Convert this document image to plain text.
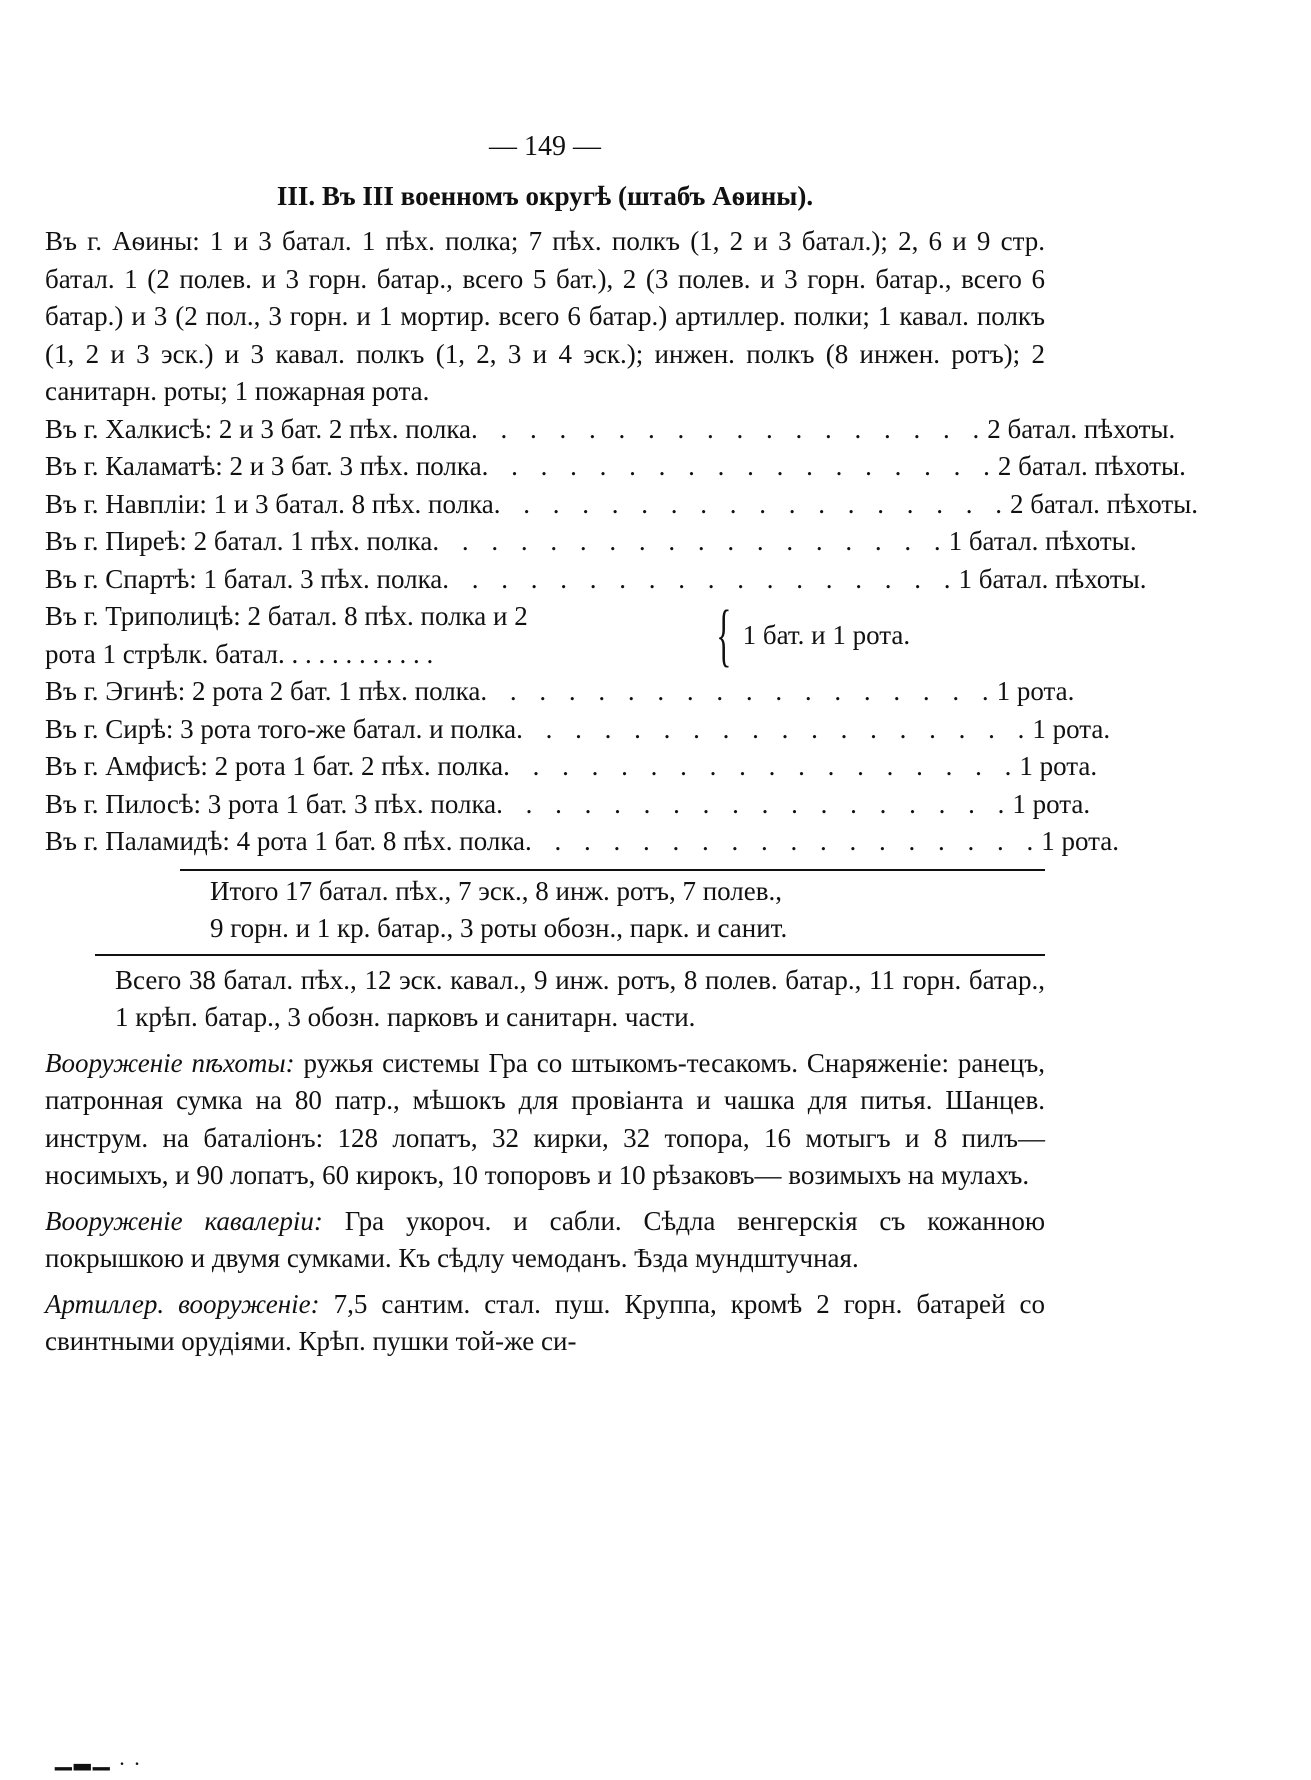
— 149 —
III. Въ III военномъ округѣ (штабъ Аѳины).
Въ г. Аѳины: 1 и 3 батал. 1 пѣх. полка; 7 пѣх. полкъ (1, 2 и 3 батал.); 2, 6 и 9 стр. батал. 1 (2 полев. и 3 горн. батар., всего 5 бат.), 2 (3 полев. и 3 горн. батар., всего 6 батар.) и 3 (2 пол., 3 горн. и 1 мортир. всего 6 батар.) артиллер. полки; 1 кавал. полкъ (1, 2 и 3 эск.) и 3 кавал. полкъ (1, 2, 3 и 4 эск.); инжен. полкъ (8 инжен. ротъ); 2 санитарн. роты; 1 пожарная рота.
Въ г. Халкисѣ: 2 и 3 бат. 2 пѣх. полка . . . . . . . . . . . . . . . . . . 2 батал. пѣхоты.
Въ г. Каламатѣ: 2 и 3 бат. 3 пѣх. полка . . . . . . . . . . . . . . . . . . 2 батал. пѣхоты.
Въ г. Навпліи: 1 и 3 батал. 8 пѣх. полка . . . . . . . . . . . . . . . . . . 2 батал. пѣхоты.
Въ г. Пиреѣ: 2 батал. 1 пѣх. полка . . . . . . . . . . . . . . . . . . 1 батал. пѣхоты.
Въ г. Спартѣ: 1 батал. 3 пѣх. полка . . . . . . . . . . . . . . . . . . 1 батал. пѣхоты.
Въ г. Триполицѣ: 2 батал. 8 пѣх. полка и 2
рота 1 стрѣлк. батал. . . . . . . . . . . .	{ 1 бат. и 1 рота.
Въ г. Эгинѣ: 2 рота 2 бат. 1 пѣх. полка . . . . . . . . . . . . . . . . . . 1 рота.
Въ г. Сирѣ: 3 рота того-же батал. и полка . . . . . . . . . . . . . . . . . . 1 рота.
Въ г. Амфисѣ: 2 рота 1 бат. 2 пѣх. полка . . . . . . . . . . . . . . . . . . 1 рота.
Въ г. Пилосѣ: 3 рота 1 бат. 3 пѣх. полка . . . . . . . . . . . . . . . . . . 1 рота.
Въ г. Паламидѣ: 4 рота 1 бат. 8 пѣх. полка . . . . . . . . . . . . . . . . . . 1 рота.
Итого 17 батал. пѣх., 7 эск., 8 инж. ротъ, 7 полев.,
9 горн. и 1 кр. батар., 3 роты обозн., парк. и санит.
Всего 38 батал. пѣх., 12 эск. кавал., 9 инж. ротъ, 8 полев. батар., 11 горн. батар., 1 крѣп. батар., 3 обозн. парковъ и санитарн. части.
Вооруженіе пѣхоты: ружья системы Гра со штыкомъ-тесакомъ. Снаряженіе: ранецъ, патронная сумка на 80 патр., мѣшокъ для провіанта и чашка для питья. Шанцев. инструм. на баталіонъ: 128 лопатъ, 32 кирки, 32 топора, 16 мотыгъ и 8 пилъ— носимыхъ, и 90 лопатъ, 60 кирокъ, 10 топоровъ и 10 рѣзаковъ— возимыхъ на мулахъ.
Вооруженіе кавалеріи: Гра укороч. и сабли. Сѣдла венгерскія съ кожанною покрышкою и двумя сумками. Къ сѣдлу чемоданъ. Ѣзда мундштучная.
Артиллер. вооруженіе: 7,5 сантим. стал. пуш. Круппа, кромѣ 2 горн. батарей со свинтными орудіями. Крѣп. пушки той-же си-
▁▂▁ . .
